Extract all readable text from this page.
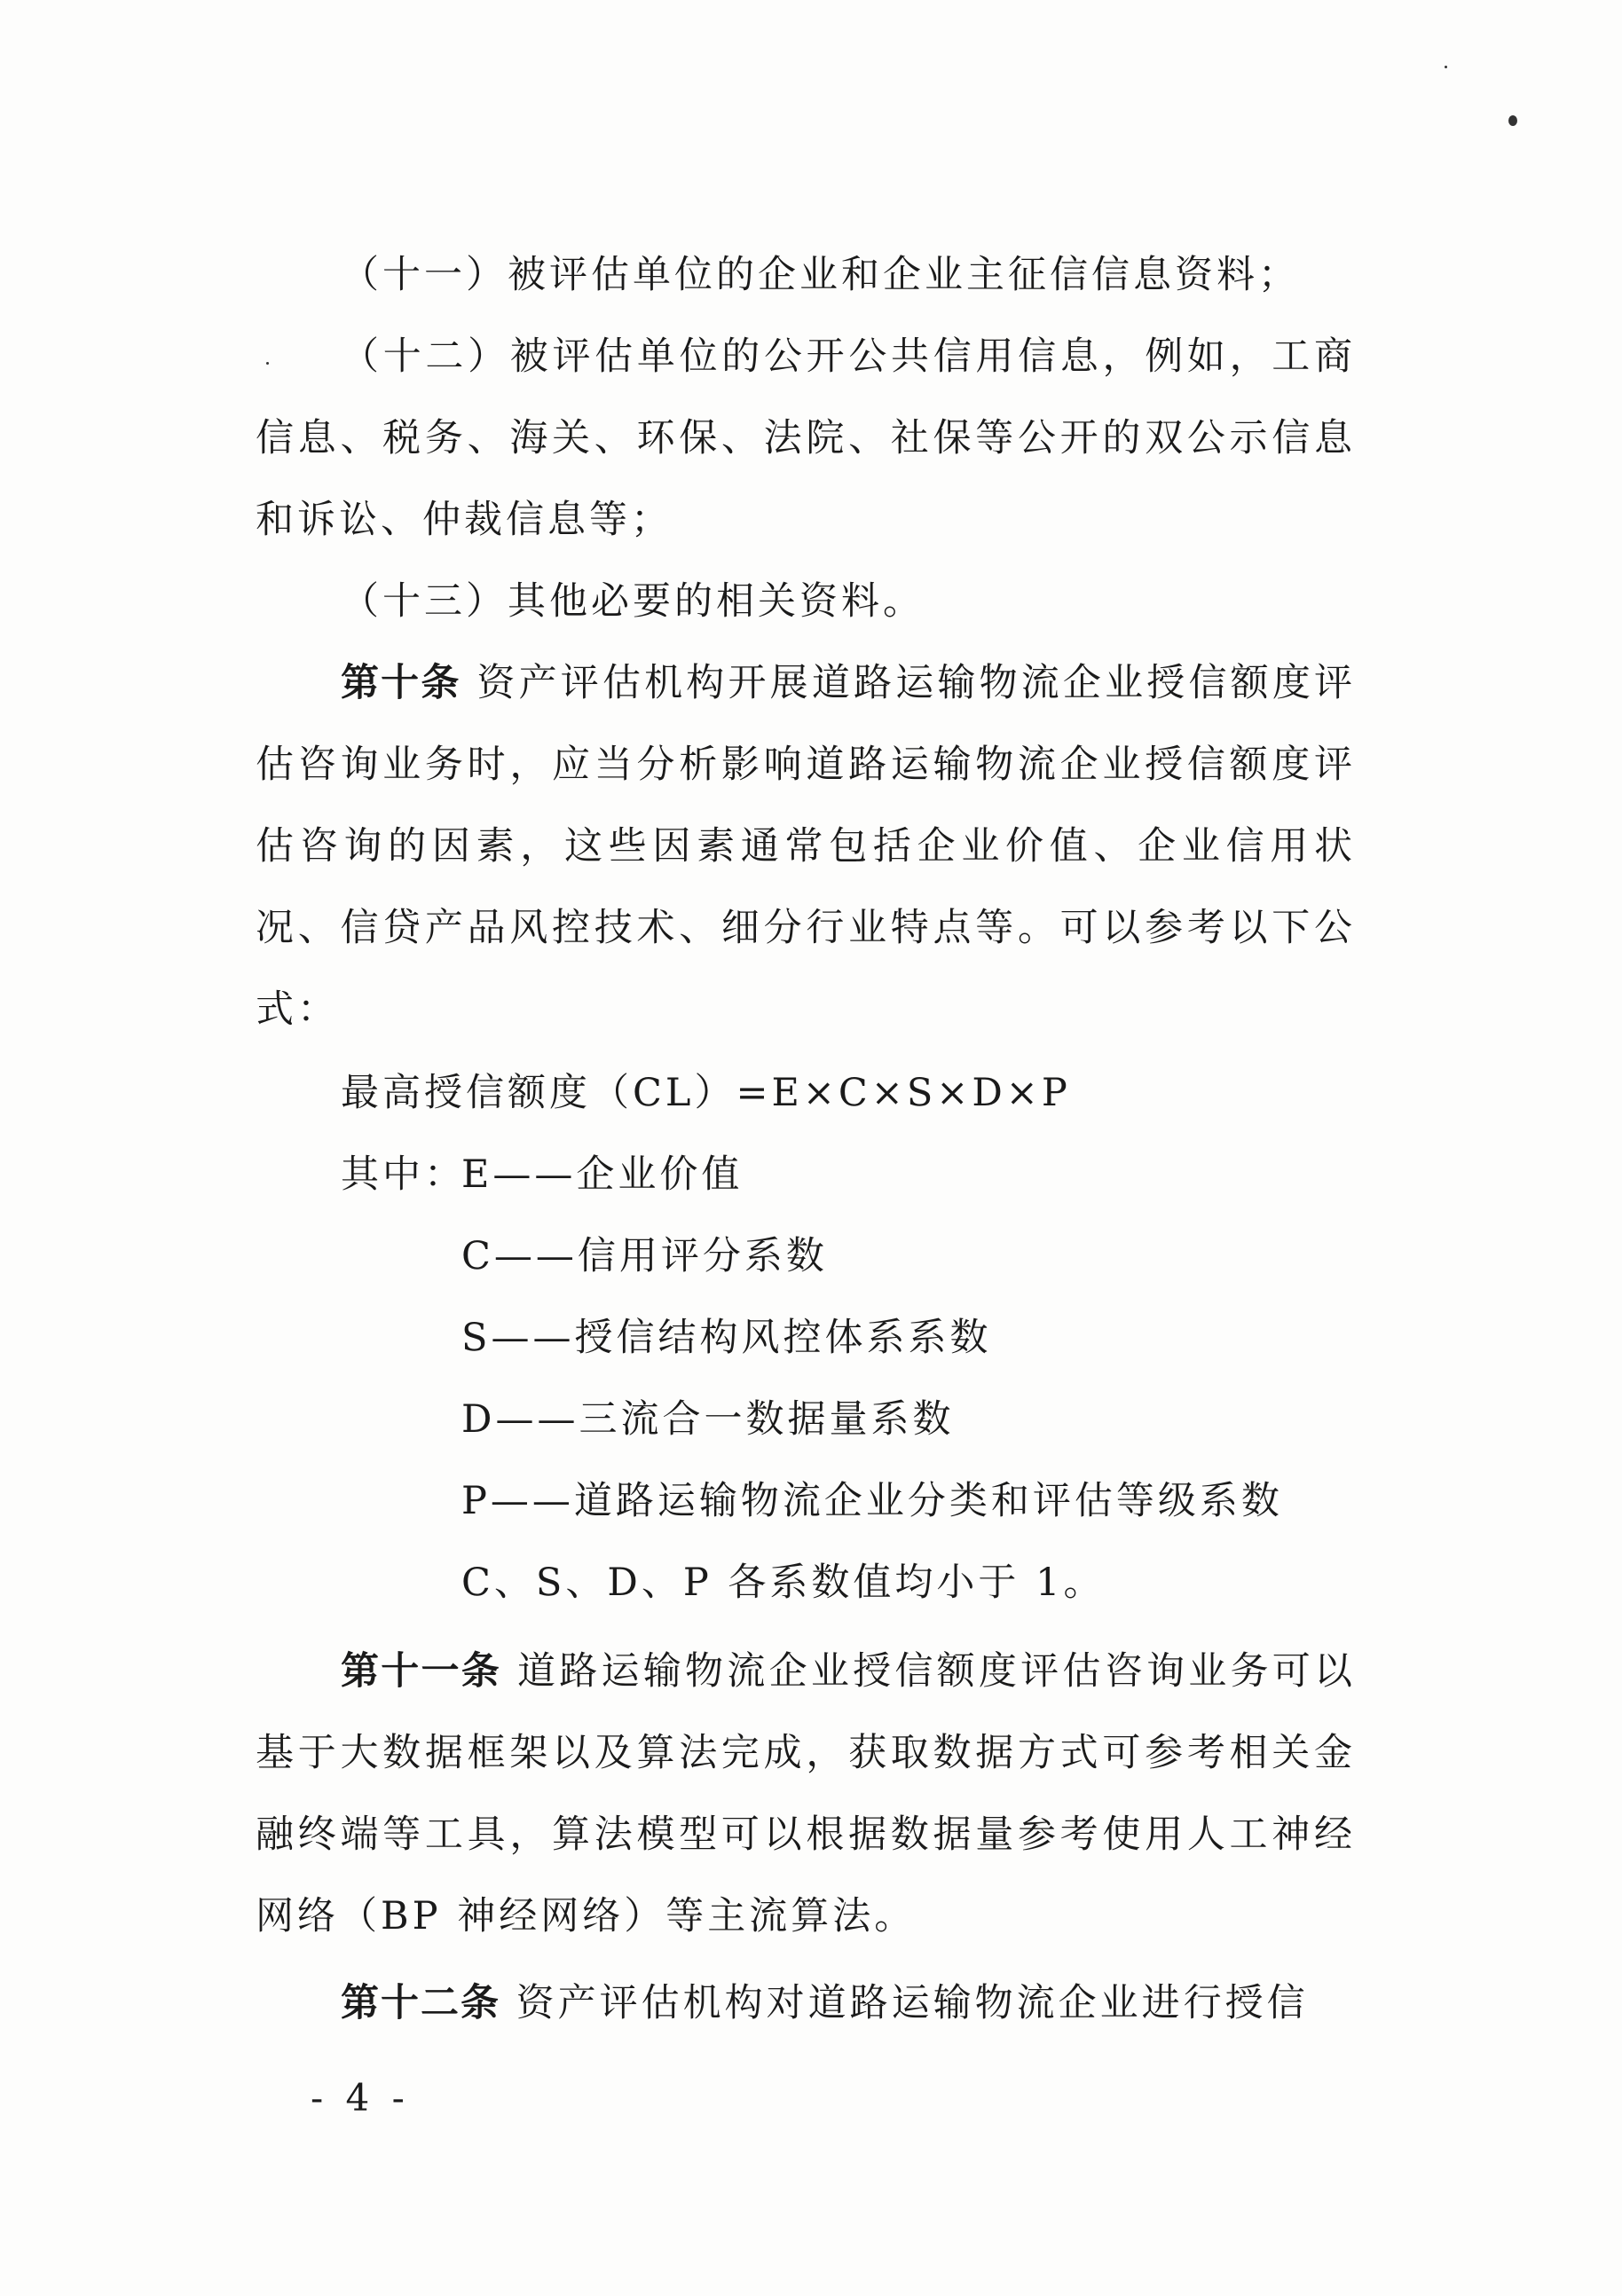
（十一）被评估单位的企业和企业主征信信息资料；
（十二）被评估单位的公开公共信用信息，例如，工商信息、税务、海关、环保、法院、社保等公开的双公示信息和诉讼、仲裁信息等；
（十三）其他必要的相关资料。
第十条 资产评估机构开展道路运输物流企业授信额度评估咨询业务时，应当分析影响道路运输物流企业授信额度评估咨询的因素，这些因素通常包括企业价值、企业信用状况、信贷产品风控技术、细分行业特点等。可以参考以下公式：
最高授信额度（CL）=E×C×S×D×P
其中：
E——企业价值
C——信用评分系数
S——授信结构风控体系系数
D——三流合一数据量系数
P——道路运输物流企业分类和评估等级系数
C、S、D、P 各系数值均小于 1。
第十一条 道路运输物流企业授信额度评估咨询业务可以基于大数据框架以及算法完成，获取数据方式可参考相关金融终端等工具，算法模型可以根据数据量参考使用人工神经网络（BP 神经网络）等主流算法。
第十二条 资产评估机构对道路运输物流企业进行授信
- 4 -
